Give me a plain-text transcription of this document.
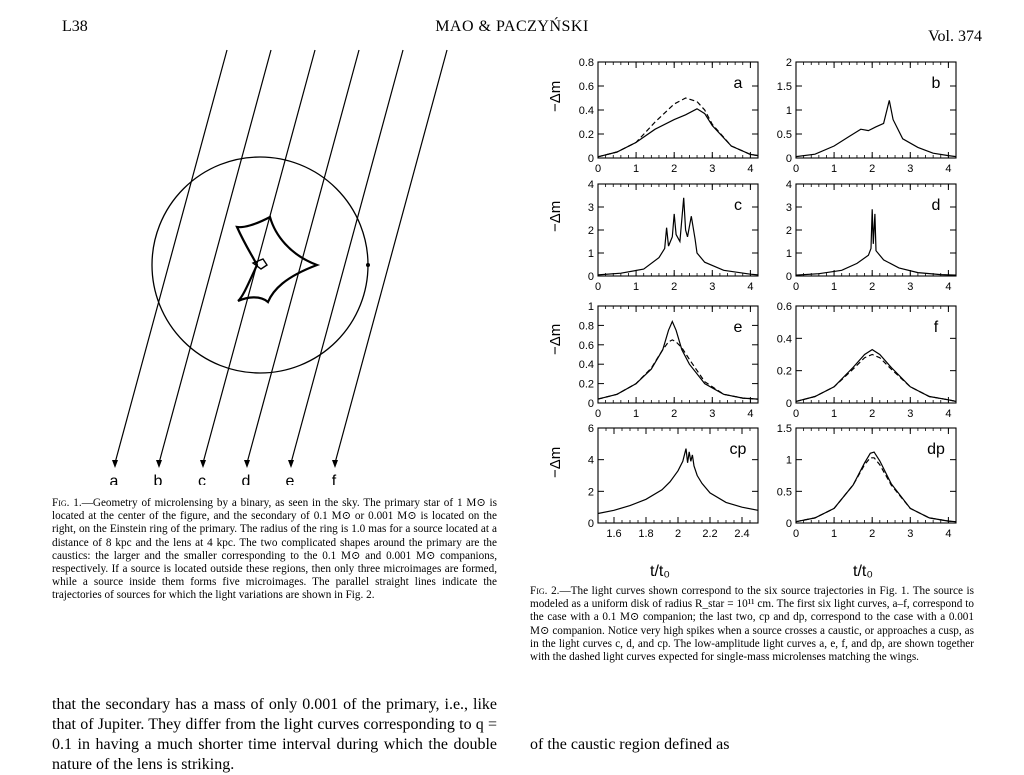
L38	MAO & PACZYŃSKI
Vol. 374
a b c d e f
Fig. 1.—Geometry of microlensing by a binary, as seen in the sky. The primary star of 1 M⊙ is located at the center of the figure, and the secondary of 0.1 M⊙ or 0.001 M⊙ is located on the right, on the Einstein ring of the primary. The radius of the ring is 1.0 mas for a source located at a distance of 8 kpc and the lens at 4 kpc. The two complicated shapes around the primary are the caustics: the larger and the smaller corresponding to the 0.1 M⊙ and 0.001 M⊙ companions, respectively. If a source is located outside these regions, then only three microimages are formed, while a source inside them forms five microimages. The parallel straight lines indicate the trajectories of sources for which the light variations are shown in Fig. 2.
0	1	2	3	4
0
0.2
0.4
0.6
0.8
a
0	1	2	3	4
0
0.5
1
1.5
2
b
0	1	2	3	4
0
1
2
3
4
c
0	1	2	3	4
0
1
2
3
4
d
0	1	2	3	4
0
0.2
0.4
0.6
0.8
1
e
0	1	2	3	4
0
0.2
0.4
0.6
f
1.6 1.8 2 2.2 2.4
0
2
4
6
cp
0	1	2	3	4
0
0.5
1
1.5
dp
−Δm
−Δm
−Δm
−Δm
t/t₀	t/t₀
Fig. 2.—The light curves shown correspond to the six source trajectories in Fig. 1. The source is modeled as a uniform disk of radius R_star = 10¹¹ cm. The first six light curves, a–f, correspond to the case with a 0.1 M⊙ companion; the last two, cp and dp, correspond to the case with a 0.001 M⊙ companion. Notice very high spikes when a source crosses a caustic, or approaches a cusp, as in the light curves c, d, and cp. The low-amplitude light curves a, e, f, and dp, are shown together with the dashed light curves expected for single-mass microlenses matching the wings.
that the secondary has a mass of only 0.001 of the primary, i.e., like that of Jupiter. They differ from the light curves corresponding to q = 0.1 in having a much shorter time interval during which the double nature of the lens is striking.
of the caustic region defined as
